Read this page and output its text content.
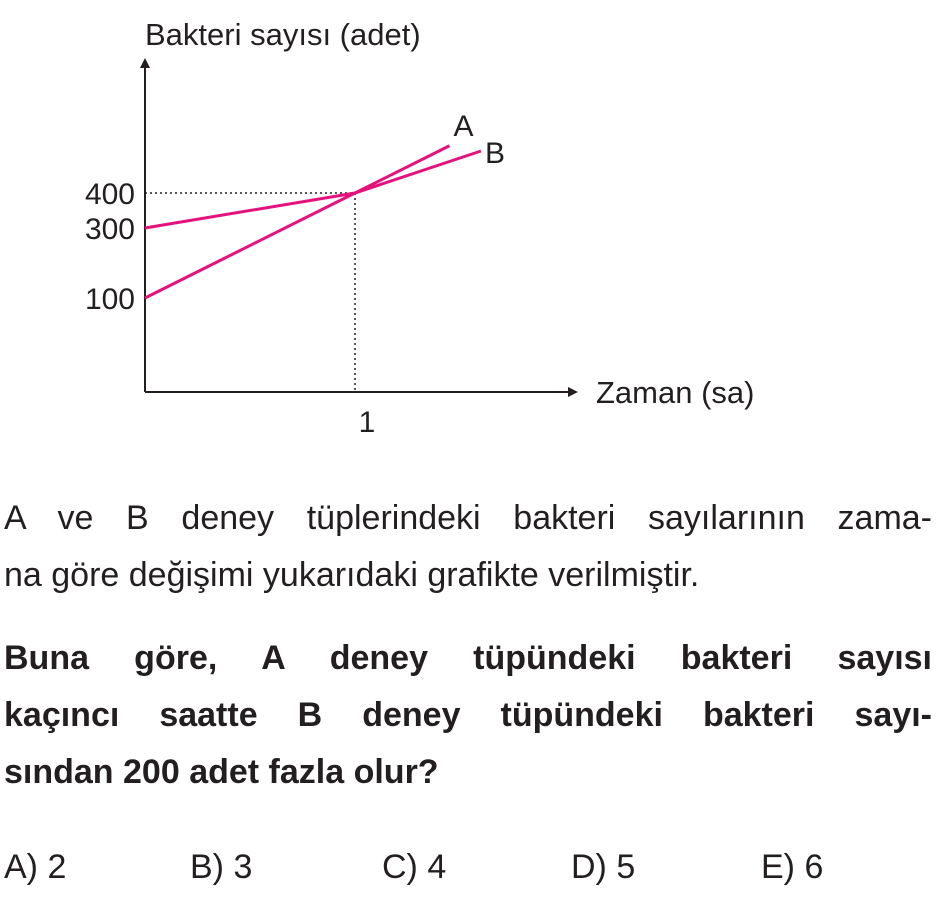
A
B
100
300
400
1
Bakteri sayısı (adet)
Zaman (sa)
A ve B deney tüplerindeki bakteri sayılarının zama-
na göre değişimi yukarıdaki grafikte verilmiştir.
Buna göre, A deney tüpündeki bakteri sayısı
kaçıncı saatte B deney tüpündeki bakteri sayı-
sından 200 adet fazla olur?
A) 2	B) 3	C) 4	D) 5	E) 6
